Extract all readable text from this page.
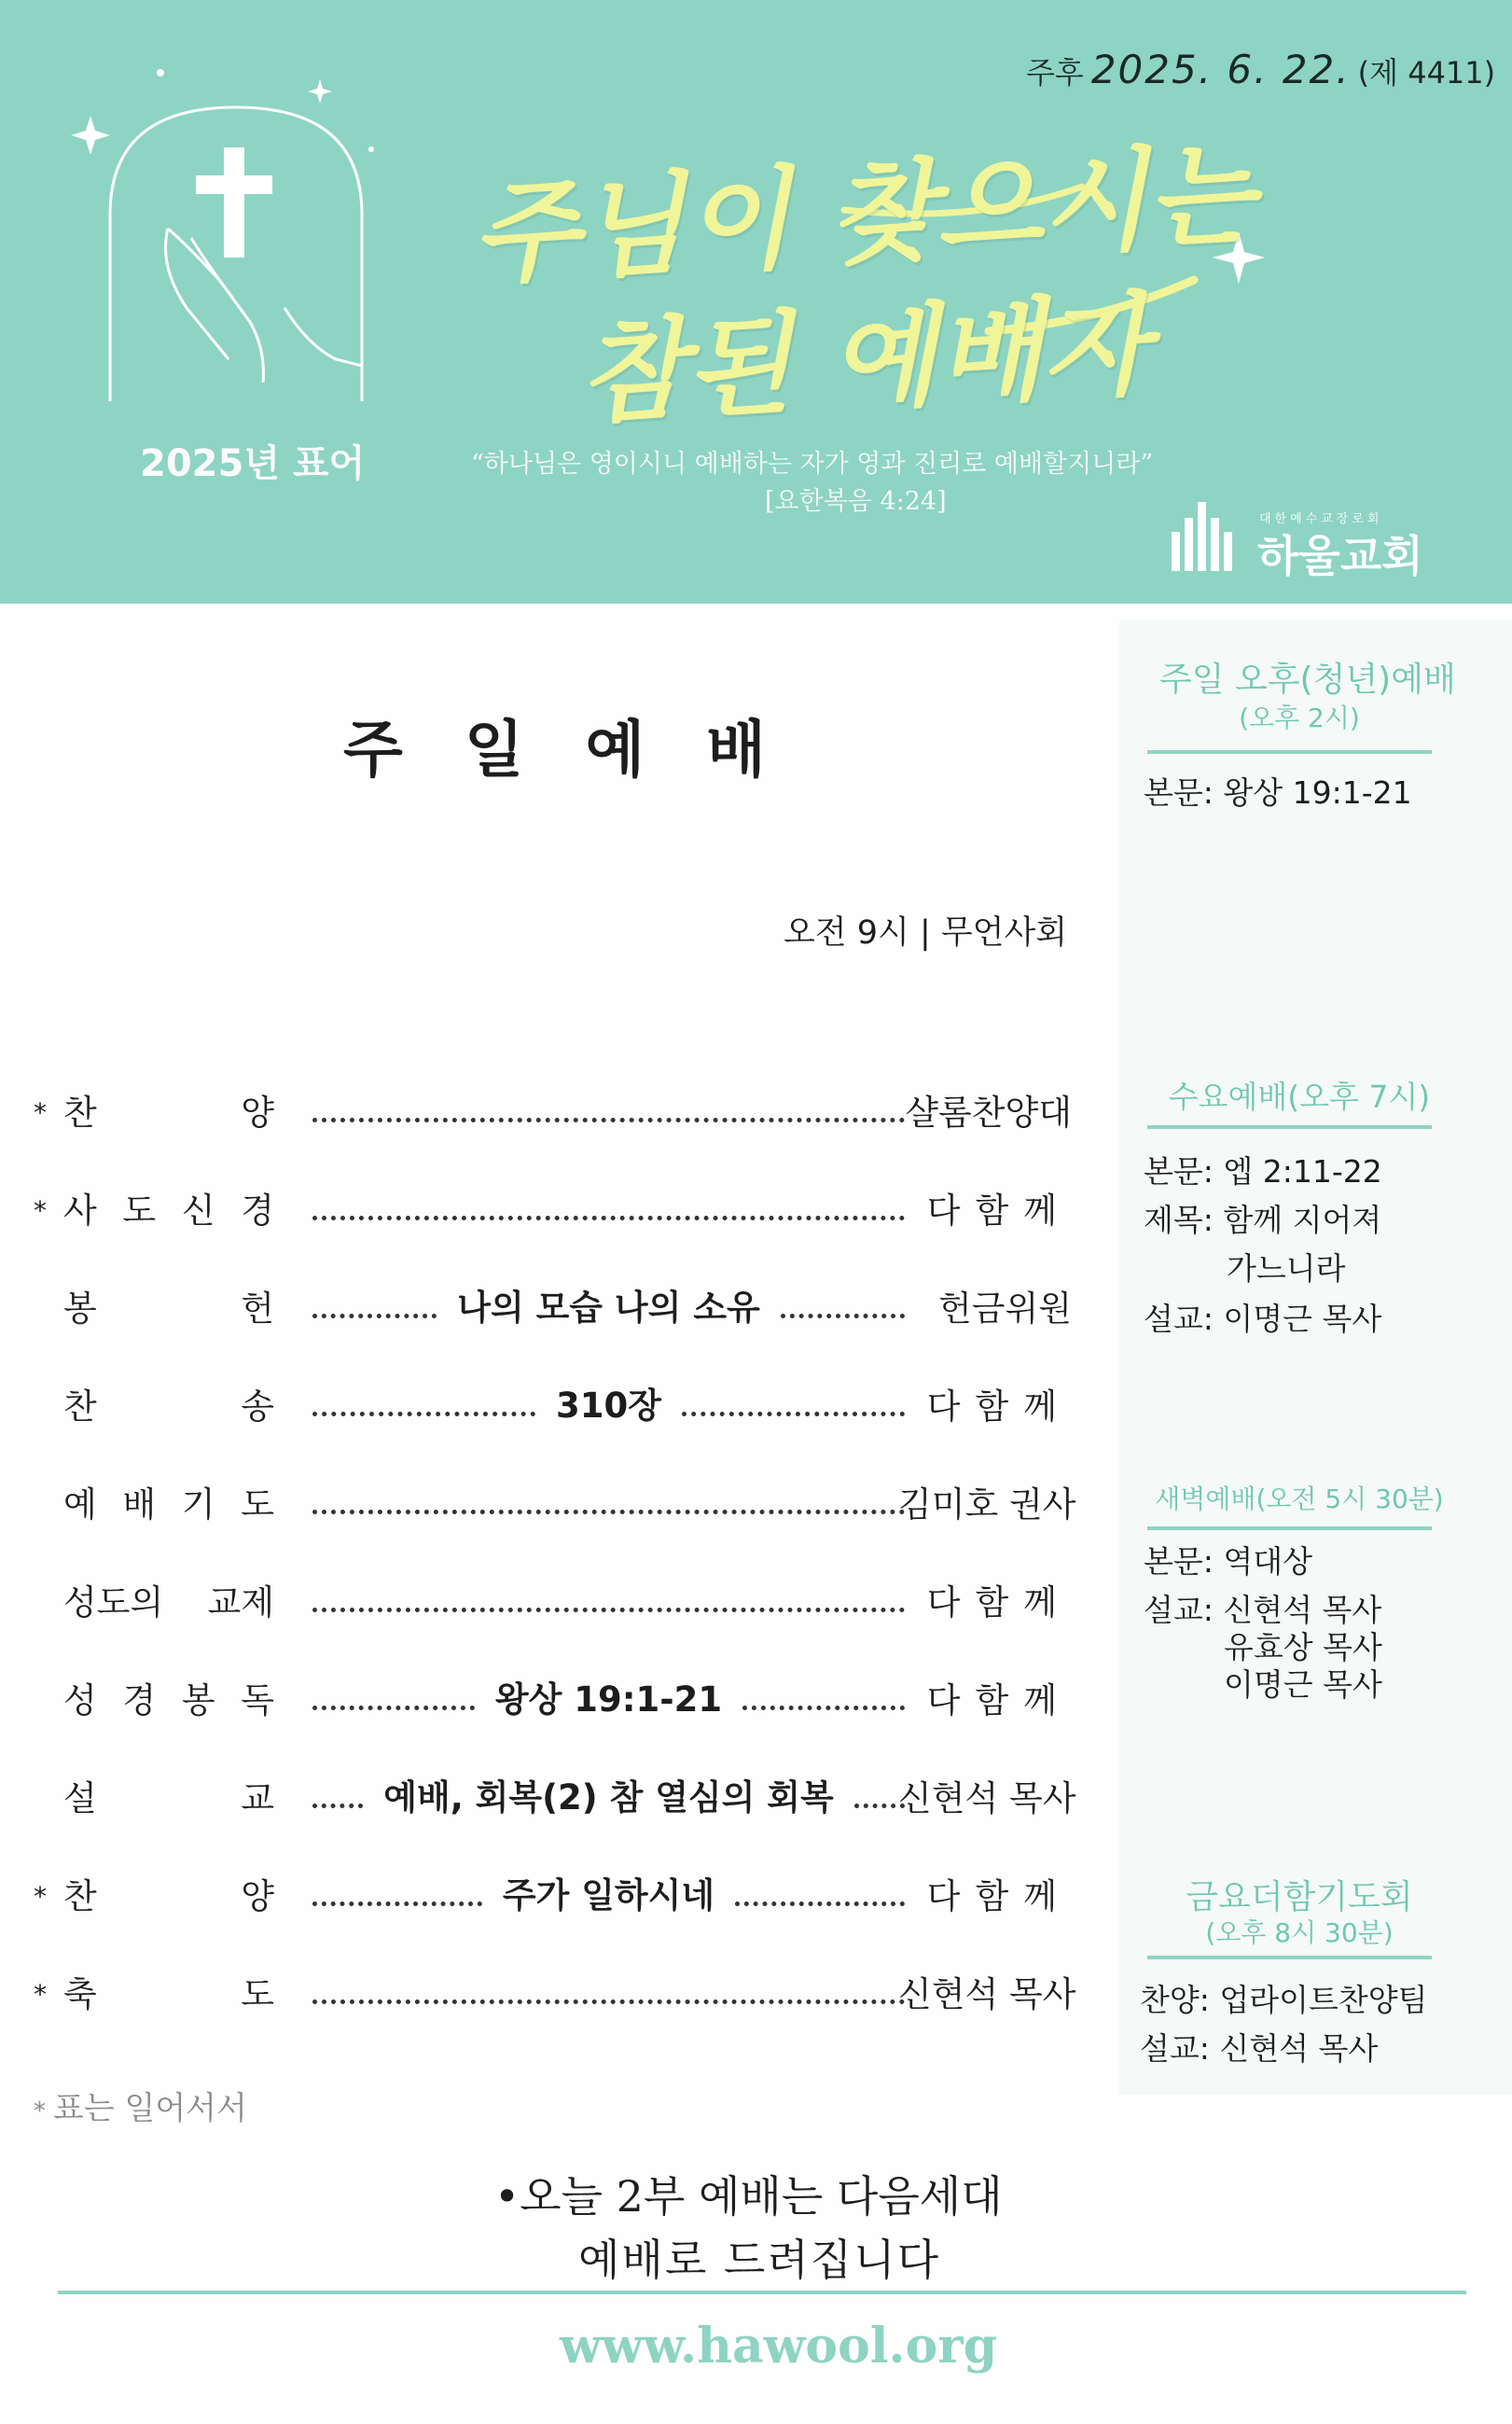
주후 2025. 6. 22. (제 4411)
주님이 찾으시는
참된 예배자
2025년 표어	“하나님은 영이시니 예배하는 자가 영과 진리로 예배할지니라”
[요한복음 4:24]
대한예수교장로회
하울교회
주일예배
오전 9시 | 무언사회
* 찬	양	샬롬찬양대
* 사 도 신 경	다함께
봉	헌	나의 모습 나의 소유	헌금위원
찬	송	310장	다함께
예 배 기 도	김미호 권사
성도의 교제	다함께
성 경 봉 독	왕상 19:1-21	다함께
설	교	예배, 회복(2) 참 열심의 회복	신현석 목사
* 찬	양	주가 일하시네	다함께
* 축	도	신현석 목사
* 표는 일어서서
•오늘 2부 예배는 다음세대
예배로 드려집니다
www.hawool.org
주일 오후(청년)예배
(오후 2시)
본문: 왕상 19:1-21
수요예배(오후 7시)
본문: 엡 2:11-22
제목: 함께 지어져
가느니라
설교: 이명근 목사
새벽예배(오전 5시 30분)
본문: 역대상
설교: 신현석 목사
유효상 목사
이명근 목사
금요더함기도회
(오후 8시 30분)
찬양: 업라이트찬양팀
설교: 신현석 목사
